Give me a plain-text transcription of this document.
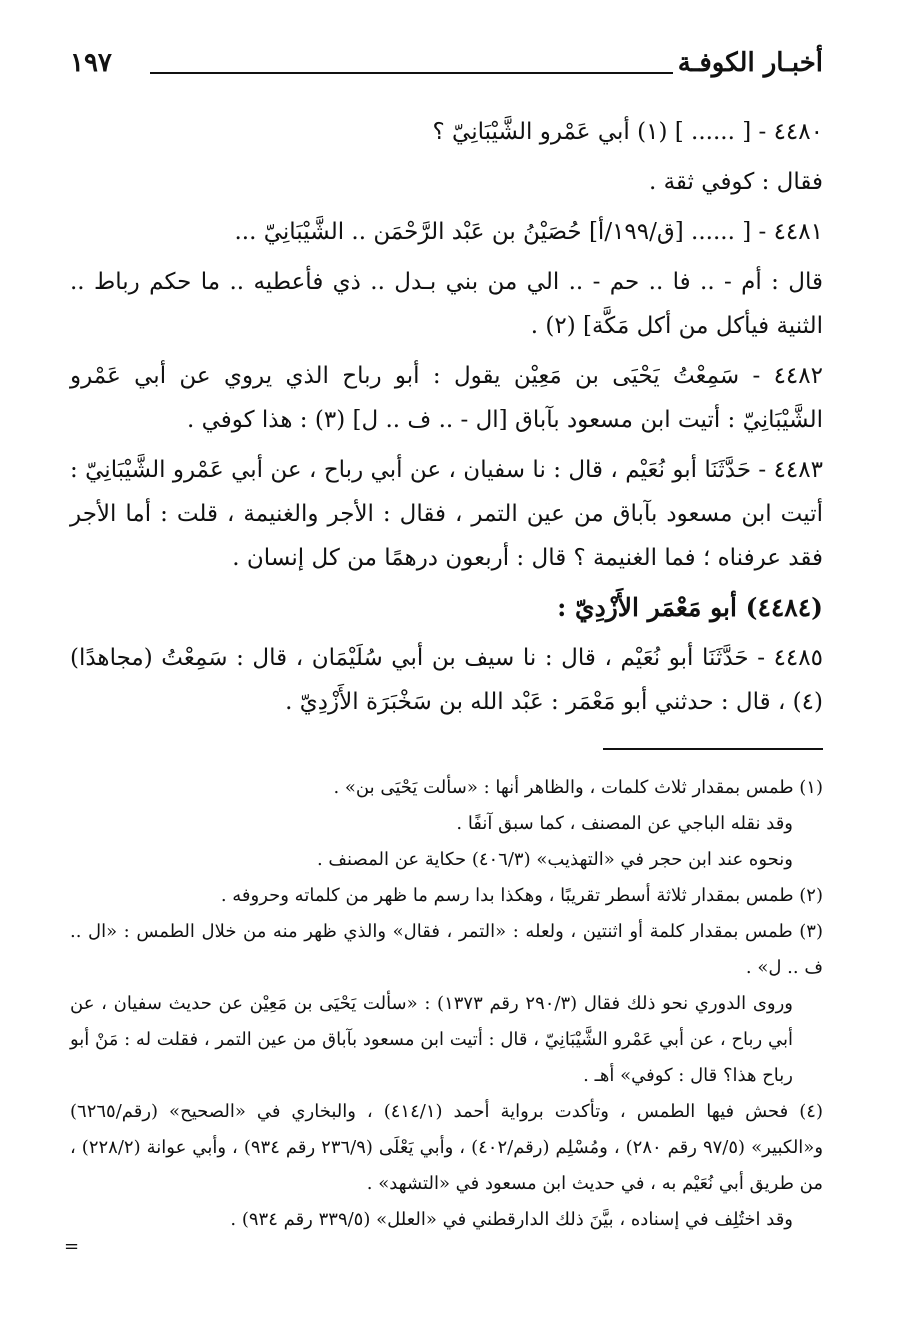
١٩٧	أخبـار الكوفـة

٤٤٨٠ - [ ...... ] (١) أبي عَمْرو الشَّيْبَانِيّ ؟

فقال : كوفي ثقة .

٤٤٨١ - [ ...... [ق/١٩٩/أ] حُصَيْنُ بن عَبْد الرَّحْمَن .. الشَّيْبَانِيّ ...

قال : أم - .. فا .. حم - .. الي من بني بـدل .. ذي فأعطيه .. ما حكم رباط .. الثنية فيأكل من أكل مَكَّة] (٢) .

٤٤٨٢ - سَمِعْتُ يَحْيَى بن مَعِيْن يقول : أبو رباح الذي يروي عن أبي عَمْرو الشَّيْبَانِيّ : أتيت ابن مسعود بآباق [ال - .. ف .. ل] (٣) : هذا كوفي .

٤٤٨٣ - حَدَّثَنَا أبو نُعَيْم ، قال : نا سفيان ، عن أبي رباح ، عن أبي عَمْرو الشَّيْبَانِيّ : أتيت ابن مسعود بآباق من عين التمر ، فقال : الأجر والغنيمة ، قلت : أما الأجر فقد عرفناه ؛ فما الغنيمة ؟ قال : أربعون درهمًا من كل إنسان .

(٤٤٨٤) أبو مَعْمَر الأَزْدِيّ :

٤٤٨٥ - حَدَّثَنَا أبو نُعَيْم ، قال : نا سيف بن أبي سُلَيْمَان ، قال : سَمِعْتُ (مجاهدًا) (٤) ، قال : حدثني أبو مَعْمَر : عَبْد الله بن سَخْبَرَة الأَزْدِيّ .

(١) طمس بمقدار ثلاث كلمات ، والظاهر أنها : «سألت يَحْيَى بن» .

وقد نقله الباجي عن المصنف ، كما سبق آنفًا .

ونحوه عند ابن حجر في «التهذيب» (٤٠٦/٣) حكاية عن المصنف .

(٢) طمس بمقدار ثلاثة أسطر تقريبًا ، وهكذا بدا رسم ما ظهر من كلماته وحروفه .

(٣) طمس بمقدار كلمة أو اثنتين ، ولعله : «التمر ، فقال» والذي ظهر منه من خلال الطمس : «ال .. ف .. ل» .

وروى الدوري نحو ذلك فقال (٢٩٠/٣ رقم ١٣٧٣) : «سألت يَحْيَى بن مَعِيْن عن حديث سفيان ، عن أبي رباح ، عن أبي عَمْرو الشَّيْبَانِيّ ، قال : أتيت ابن مسعود بآباق من عين التمر ، فقلت له : مَنْ أبو رباح هذا؟ قال : كوفي» أهـ .

(٤) فحش فيها الطمس ، وتأكدت برواية أحمد (٤١٤/١) ، والبخاري في «الصحيح» (رقم/٦٢٦٥) و«الكبير» (٩٧/٥ رقم ٢٨٠) ، ومُسْلِم (رقم/٤٠٢) ، وأبي يَعْلَى (٢٣٦/٩ رقم ٩٣٤) ، وأبي عوانة (٢٢٨/٢) ، من طريق أبي نُعَيْم به ، في حديث ابن مسعود في «التشهد» .

وقد اختُلِف في إسناده ، بيَّنَ ذلك الدارقطني في «العلل» (٣٣٩/٥ رقم ٩٣٤) .

=
